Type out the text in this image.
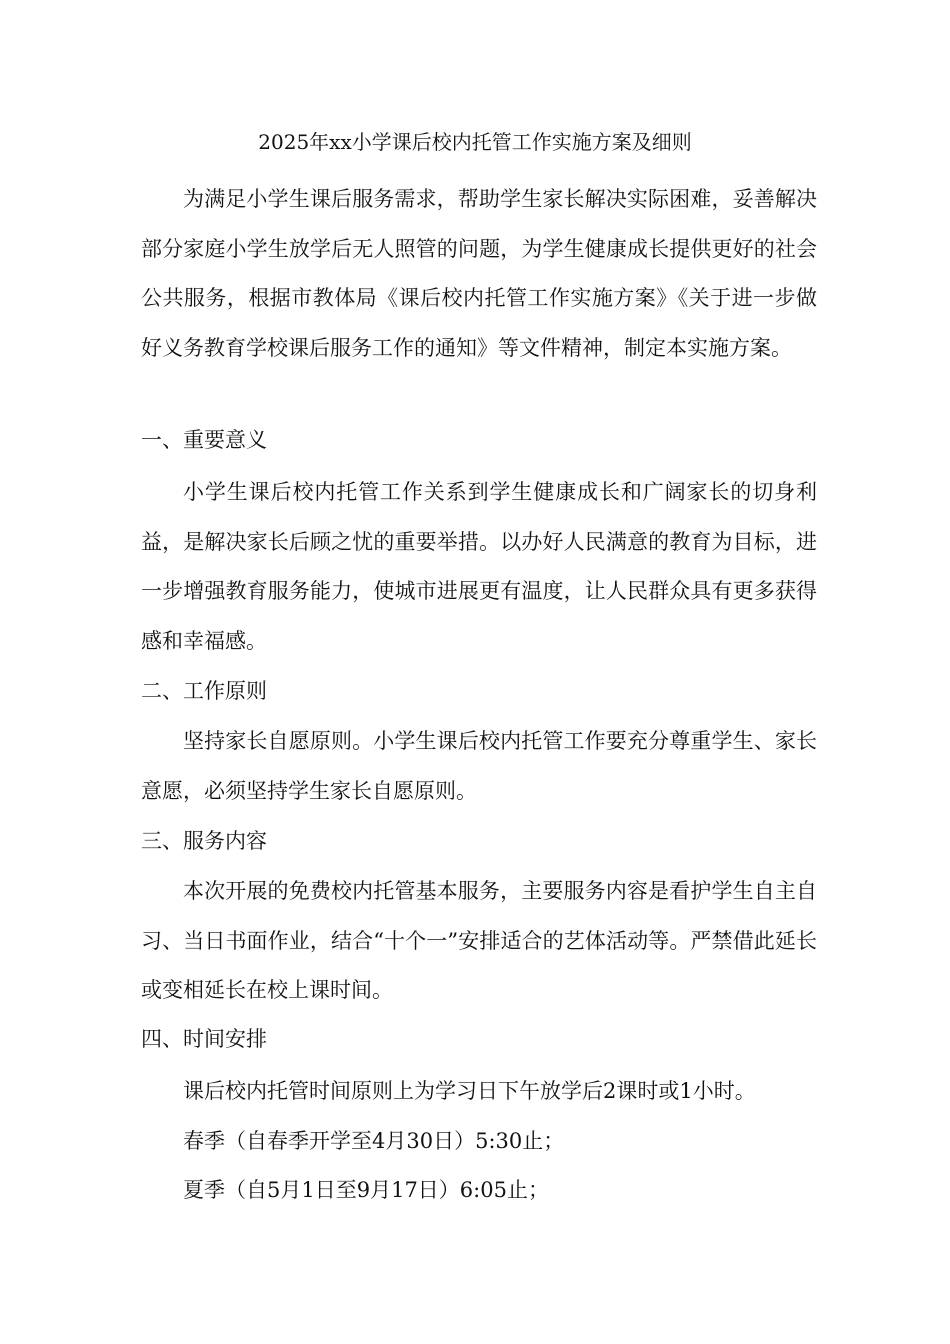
2025年xx小学课后校内托管工作实施方案及细则

为满足小学生课后服务需求，帮助学生家长解决实际困难，妥善解决部分家庭小学生放学后无人照管的问题，为学生健康成长提供更好的社会公共服务，根据市教体局《课后校内托管工作实施方案》《关于进一步做好义务教育学校课后服务工作的通知》等文件精神，制定本实施方案。

一、重要意义

小学生课后校内托管工作关系到学生健康成长和广阔家长的切身利益，是解决家长后顾之忧的重要举措。以办好人民满意的教育为目标，进一步增强教育服务能力，使城市进展更有温度，让人民群众具有更多获得感和幸福感。

二、工作原则

坚持家长自愿原则。小学生课后校内托管工作要充分尊重学生、家长意愿，必须坚持学生家长自愿原则。

三、服务内容

本次开展的免费校内托管基本服务，主要服务内容是看护学生自主自习、当日书面作业，结合“十个一”安排适合的艺体活动等。严禁借此延长或变相延长在校上课时间。

四、时间安排

课后校内托管时间原则上为学习日下午放学后2课时或1小时。

春季（自春季开学至4月30日）5:30止；

夏季（自5月1日至9月17日）6:05止；
